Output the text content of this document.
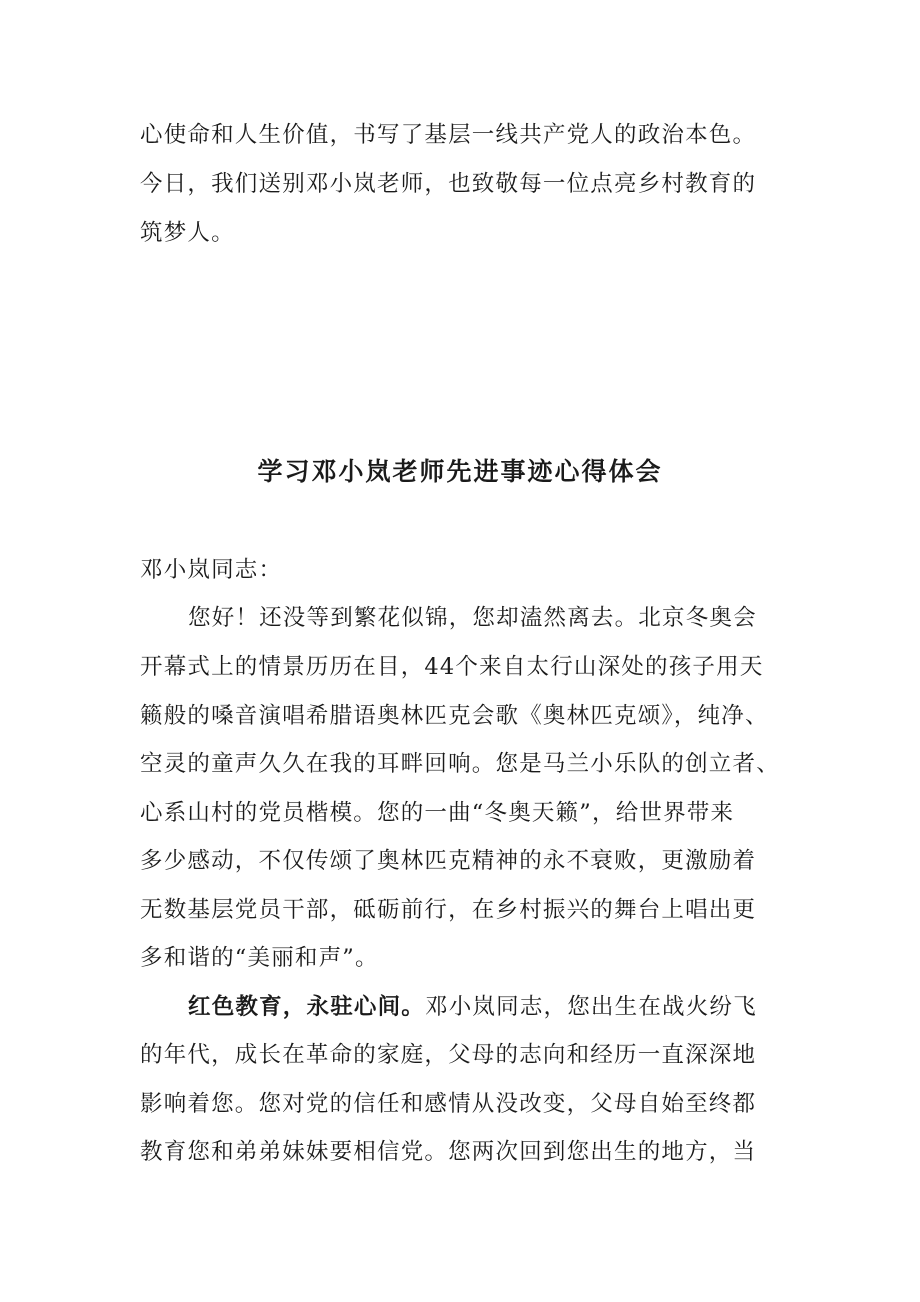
心使命和人生价值，书写了基层一线共产党人的政治本色。
今日，我们送别邓小岚老师，也致敬每一位点亮乡村教育的
筑梦人。
学习邓小岚老师先进事迹心得体会
邓小岚同志：
您好！还没等到繁花似锦，您却溘然离去。北京冬奥会
开幕式上的情景历历在目，44个来自太行山深处的孩子用天
籁般的嗓音演唱希腊语奥林匹克会歌《奥林匹克颂》，纯净、
空灵的童声久久在我的耳畔回响。您是马兰小乐队的创立者、
心系山村的党员楷模。您的一曲“冬奥天籁”，给世界带来
多少感动，不仅传颂了奥林匹克精神的永不衰败，更激励着
无数基层党员干部，砥砺前行，在乡村振兴的舞台上唱出更
多和谐的“美丽和声”。
红色教育，永驻心间。邓小岚同志，您出生在战火纷飞
的年代，成长在革命的家庭，父母的志向和经历一直深深地
影响着您。您对党的信任和感情从没改变，父母自始至终都
教育您和弟弟妹妹要相信党。您两次回到您出生的地方，当
